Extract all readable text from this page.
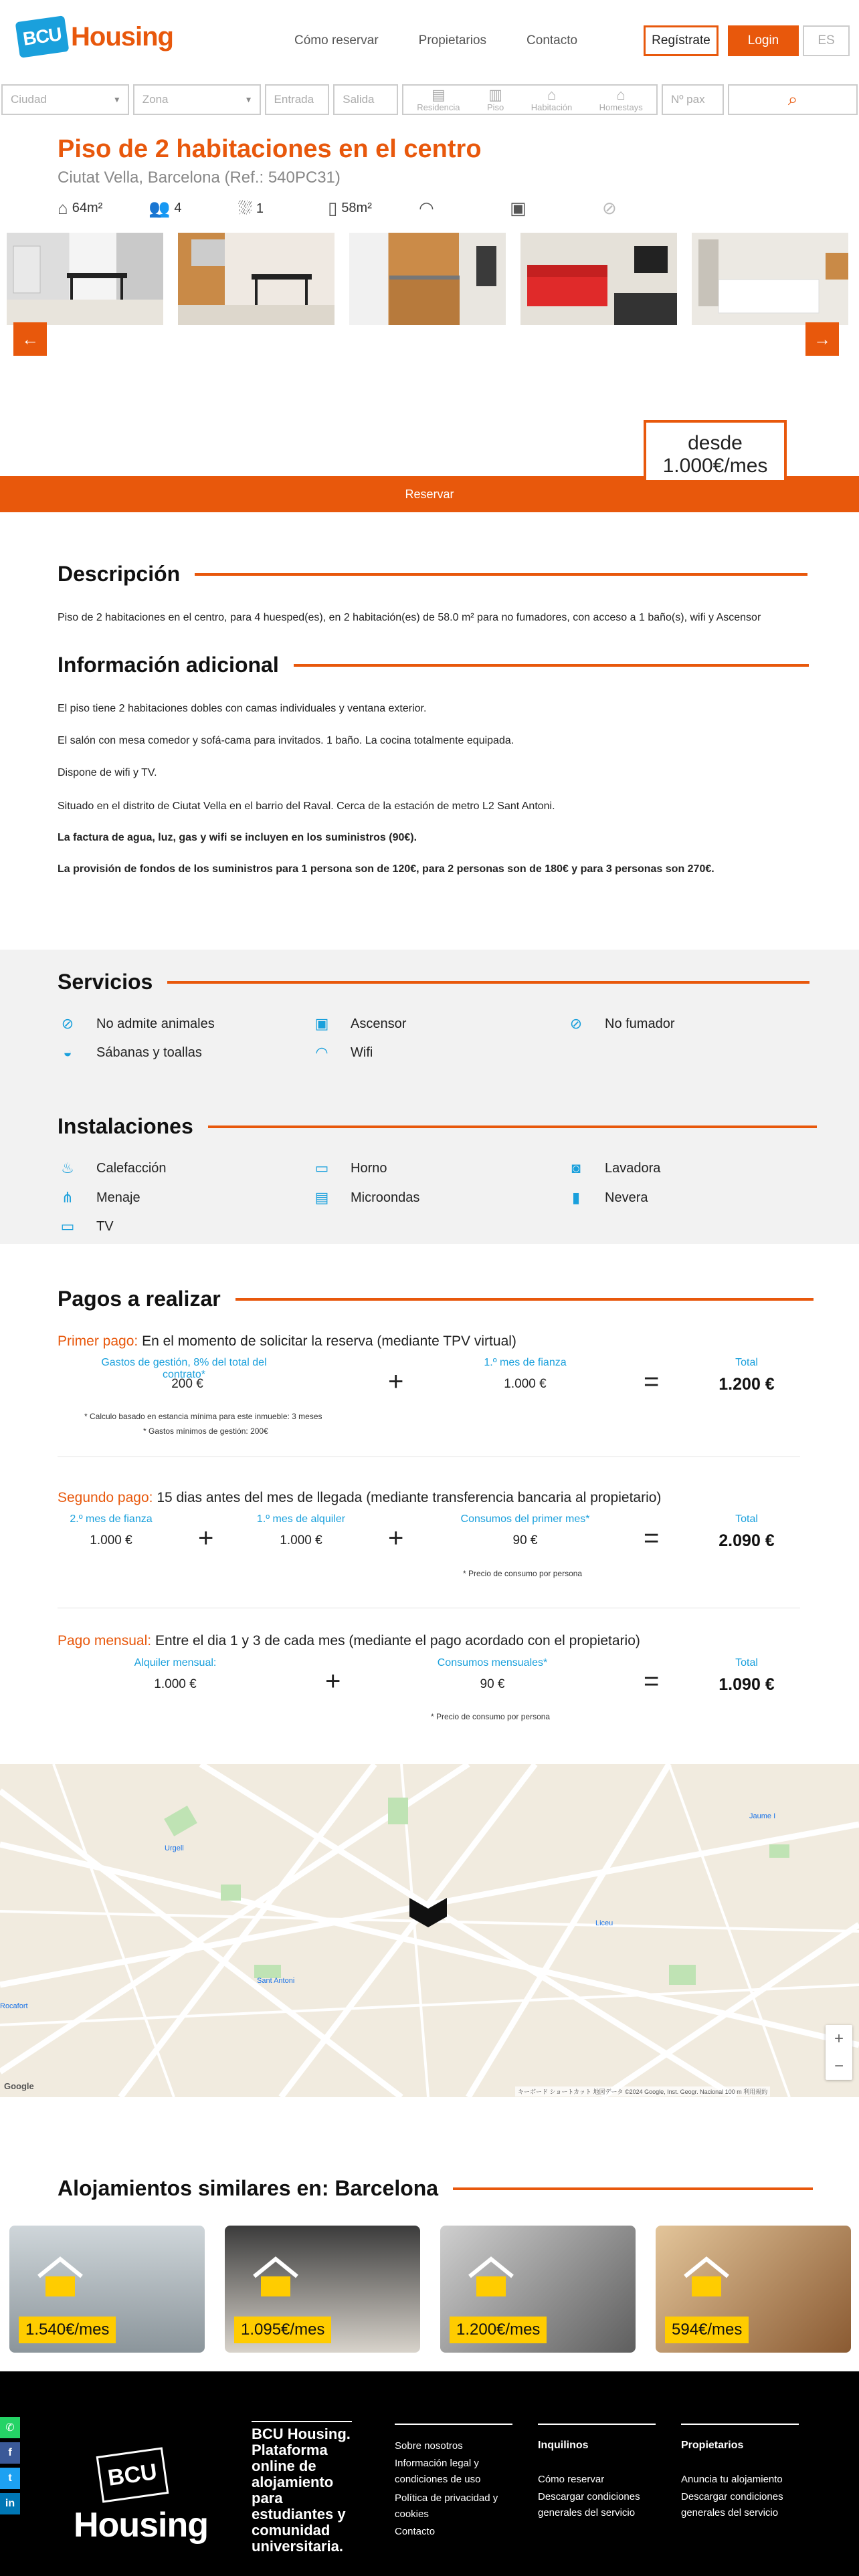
BCU Housing	Cómo reservar	Propietarios	Contacto	Regístrate	Login	ES
Ciudad	▼ Zona	▼ Entrada	Salida	▤
Residencia
▥
Piso
⌂
Habitación
⌂
Homestays
Nº pax	⌕
Piso de 2 habitaciones en el centro
Ciutat Vella, Barcelona (Ref.: 540PC31)
⌂ 64m²	👥 4	⛆ 1	▯ 58m²	◠	▣	⊘
←	→
Reservar
desde
1.000€/mes
Descripción
Piso de 2 habitaciones en el centro, para 4 huesped(es), en 2 habitación(es) de 58.0 m² para no fumadores, con acceso a 1 baño(s), wifi y Ascensor
Información adicional
El piso tiene 2 habitaciones dobles con camas individuales y ventana exterior.
El salón con mesa comedor y sofá-cama para invitados. 1 baño. La cocina totalmente equipada.
Dispone de wifi y TV.
Situado en el distrito de Ciutat Vella en el barrio del Raval. Cerca de la estación de metro L2 Sant Antoni.
La factura de agua, luz, gas y wifi se incluyen en los suministros (90€).
La provisión de fondos de los suministros para 1 persona son de 120€, para 2 personas son de 180€ y para 3 personas son 270€.
Servicios
⊘ No admite animales	▣ Ascensor	⊘ No fumador
◒	Sábanas y toallas	◠ Wifi
Instalaciones
♨ Calefacción	▭ Horno	◙	Lavadora
⋔ Menaje	▤ Microondas	▮	Nevera
▭ TV
Pagos a realizar
Primer pago: En el momento de solicitar la reserva (mediante TPV virtual)
Gastos de gestión, 8% del total del contrato*
200 €	+
1.º mes de fianza
1.000 €	=
Total
1.200 €
* Calculo basado en estancia mínima para este inmueble: 3 meses
* Gastos mínimos de gestión: 200€
Segundo pago: 15 dias antes del mes de llegada (mediante transferencia bancaria al propietario)
2.º mes de fianza
1.000 €	+
1.º mes de alquiler
1.000 €	+
Consumos del primer mes*
90 €	=
Total
2.090 €
* Precio de consumo por persona
Pago mensual: Entre el dia 1 y 3 de cada mes (mediante el pago acordado con el propietario)
Alquiler mensual:
1.000 €	+
Consumos mensuales*
90 €	=
Total
1.090 €
* Precio de consumo por persona
Urgell
Sant Antoni
Liceu
Jaume I
Rocafort
Google
キーボード ショートカット 地図データ ©2024 Google, Inst. Geogr. Nacional 100 m 利用規約
+
−
Alojamientos similares en: Barcelona
1.540€/mes	1.095€/mes	1.200€/mes	594€/mes
BCU
Housing
BCU Housing. Plataforma online de alojamiento para estudiantes y comunidad universitaria.
Sobre nosotros
Información legal y condiciones de uso
Política de privacidad y cookies
Contacto
Inquilinos
Cómo reservar
Descargar condiciones generales del servicio
Propietarios
Anuncia tu alojamiento
Descargar condiciones generales del servicio
✆
f
t
in
